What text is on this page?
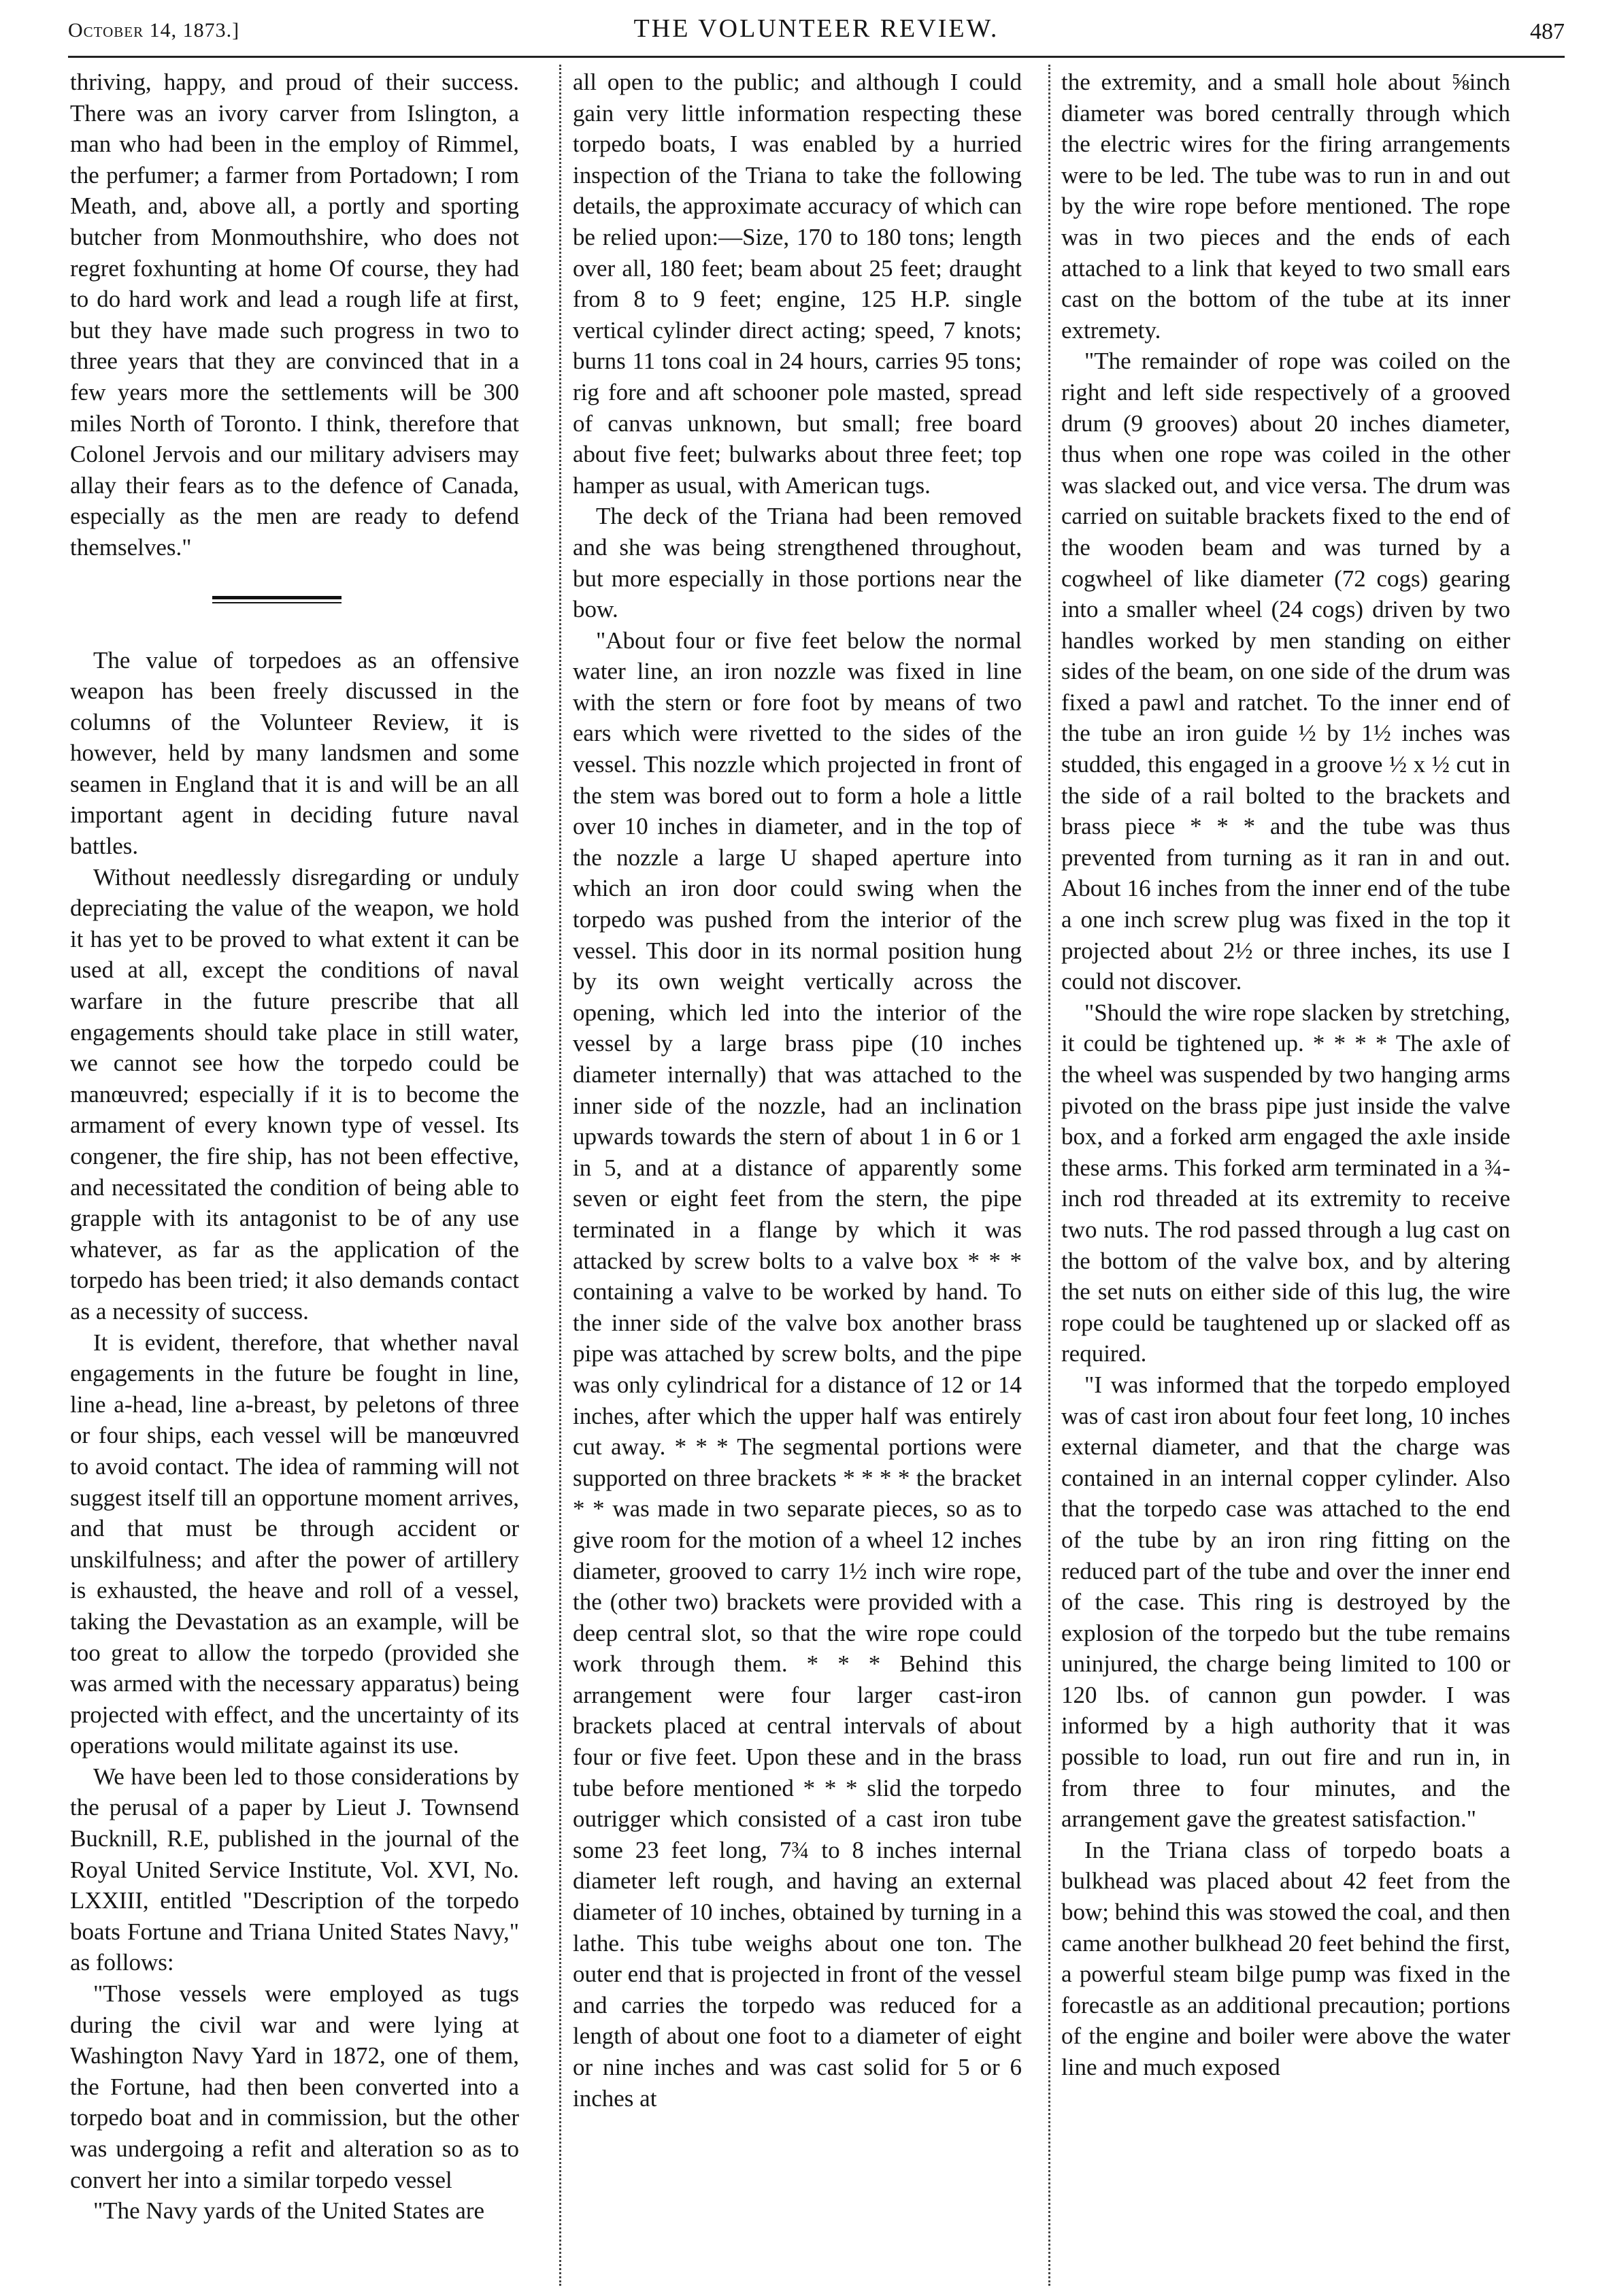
October 14, 1873.]	THE VOLUNTEER REVIEW.	487

thriving, happy, and proud of their success. There was an ivory carver from Islington, a man who had been in the employ of Rimmel, the perfumer; a farmer from Portadown; I rom Meath, and, above all, a portly and sporting butcher from Monmouthshire, who does not regret foxhunting at home Of course, they had to do hard work and lead a rough life at first, but they have made such progress in two to three years that they are convinced that in a few years more the settlements will be 300 miles North of Toronto. I think, therefore that Colonel Jervois and our military advisers may allay their fears as to the defence of Canada, especially as the men are ready to defend themselves."

The value of torpedoes as an offensive weapon has been freely discussed in the columns of the Volunteer Review, it is however, held by many landsmen and some seamen in England that it is and will be an all important agent in deciding future naval battles.

Without needlessly disregarding or unduly depreciating the value of the weapon, we hold it has yet to be proved to what extent it can be used at all, except the conditions of naval warfare in the future prescribe that all engagements should take place in still water, we cannot see how the torpedo could be manœuvred; especially if it is to become the armament of every known type of vessel. Its congener, the fire ship, has not been effective, and necessitated the condition of being able to grapple with its antagonist to be of any use whatever, as far as the application of the torpedo has been tried; it also demands contact as a necessity of success.

It is evident, therefore, that whether naval engagements in the future be fought in line, line a-head, line a-breast, by peletons of three or four ships, each vessel will be manœuvred to avoid contact. The idea of ramming will not suggest itself till an opportune moment arrives, and that must be through accident or unskilfulness; and after the power of artillery is exhausted, the heave and roll of a vessel, taking the Devastation as an example, will be too great to allow the torpedo (provided she was armed with the necessary apparatus) being projected with effect, and the uncertainty of its operations would militate against its use.

We have been led to those considerations by the perusal of a paper by Lieut J. Townsend Bucknill, R.E, published in the journal of the Royal United Service Institute, Vol. XVI, No. LXXIII, entitled "Description of the torpedo boats Fortune and Triana United States Navy," as follows:

"Those vessels were employed as tugs during the civil war and were lying at Washington Navy Yard in 1872, one of them, the Fortune, had then been converted into a torpedo boat and in commission, but the other was undergoing a refit and alteration so as to convert her into a similar torpedo vessel

"The Navy yards of the United States are

all open to the public; and although I could gain very little information respecting these torpedo boats, I was enabled by a hurried inspection of the Triana to take the following details, the approximate accuracy of which can be relied upon:—Size, 170 to 180 tons; length over all, 180 feet; beam about 25 feet; draught from 8 to 9 feet; engine, 125 H.P. single vertical cylinder direct acting; speed, 7 knots; burns 11 tons coal in 24 hours, carries 95 tons; rig fore and aft schooner pole masted, spread of canvas unknown, but small; free board about five feet; bulwarks about three feet; top hamper as usual, with American tugs.

The deck of the Triana had been removed and she was being strengthened throughout, but more especially in those portions near the bow.

"About four or five feet below the normal water line, an iron nozzle was fixed in line with the stern or fore foot by means of two ears which were rivetted to the sides of the vessel. This nozzle which projected in front of the stem was bored out to form a hole a little over 10 inches in diameter, and in the top of the nozzle a large U shaped aperture into which an iron door could swing when the torpedo was pushed from the interior of the vessel. This door in its normal position hung by its own weight vertically across the opening, which led into the interior of the vessel by a large brass pipe (10 inches diameter internally) that was attached to the inner side of the nozzle, had an inclination upwards towards the stern of about 1 in 6 or 1 in 5, and at a distance of apparently some seven or eight feet from the stern, the pipe terminated in a flange by which it was attacked by screw bolts to a valve box * * * containing a valve to be worked by hand. To the inner side of the valve box another brass pipe was attached by screw bolts, and the pipe was only cylindrical for a distance of 12 or 14 inches, after which the upper half was entirely cut away. * * * The segmental portions were supported on three brackets * * * * the bracket * * was made in two separate pieces, so as to give room for the motion of a wheel 12 inches diameter, grooved to carry 1½ inch wire rope, the (other two) brackets were provided with a deep central slot, so that the wire rope could work through them. * * * Behind this arrangement were four larger cast-iron brackets placed at central intervals of about four or five feet. Upon these and in the brass tube before mentioned * * * slid the torpedo outrigger which consisted of a cast iron tube some 23 feet long, 7¾ to 8 inches internal diameter left rough, and having an external diameter of 10 inches, obtained by turning in a lathe. This tube weighs about one ton. The outer end that is projected in front of the vessel and carries the torpedo was reduced for a length of about one foot to a diameter of eight or nine inches and was cast solid for 5 or 6 inches at

the extremity, and a small hole about ⅝inch diameter was bored centrally through which the electric wires for the firing arrangements were to be led. The tube was to run in and out by the wire rope before mentioned. The rope was in two pieces and the ends of each attached to a link that keyed to two small ears cast on the bottom of the tube at its inner extremety.

"The remainder of rope was coiled on the right and left side respectively of a grooved drum (9 grooves) about 20 inches diameter, thus when one rope was coiled in the other was slacked out, and vice versa. The drum was carried on suitable brackets fixed to the end of the wooden beam and was turned by a cogwheel of like diameter (72 cogs) gearing into a smaller wheel (24 cogs) driven by two handles worked by men standing on either sides of the beam, on one side of the drum was fixed a pawl and ratchet. To the inner end of the tube an iron guide ½ by 1½ inches was studded, this engaged in a groove ½ x ½ cut in the side of a rail bolted to the brackets and brass piece * * * and the tube was thus prevented from turning as it ran in and out. About 16 inches from the inner end of the tube a one inch screw plug was fixed in the top it projected about 2½ or three inches, its use I could not discover.

"Should the wire rope slacken by stretching, it could be tightened up. * * * * The axle of the wheel was suspended by two hanging arms pivoted on the brass pipe just inside the valve box, and a forked arm engaged the axle inside these arms. This forked arm terminated in a ¾-inch rod threaded at its extremity to receive two nuts. The rod passed through a lug cast on the bottom of the valve box, and by altering the set nuts on either side of this lug, the wire rope could be taughtened up or slacked off as required.

"I was informed that the torpedo employed was of cast iron about four feet long, 10 inches external diameter, and that the charge was contained in an internal copper cylinder. Also that the torpedo case was attached to the end of the tube by an iron ring fitting on the reduced part of the tube and over the inner end of the case. This ring is destroyed by the explosion of the torpedo but the tube remains uninjured, the charge being limited to 100 or 120 lbs. of cannon gun powder. I was informed by a high authority that it was possible to load, run out fire and run in, in from three to four minutes, and the arrangement gave the greatest satisfaction."

In the Triana class of torpedo boats a bulkhead was placed about 42 feet from the bow; behind this was stowed the coal, and then came another bulkhead 20 feet behind the first, a powerful steam bilge pump was fixed in the forecastle as an additional precaution; portions of the engine and boiler were above the water line and much exposed
